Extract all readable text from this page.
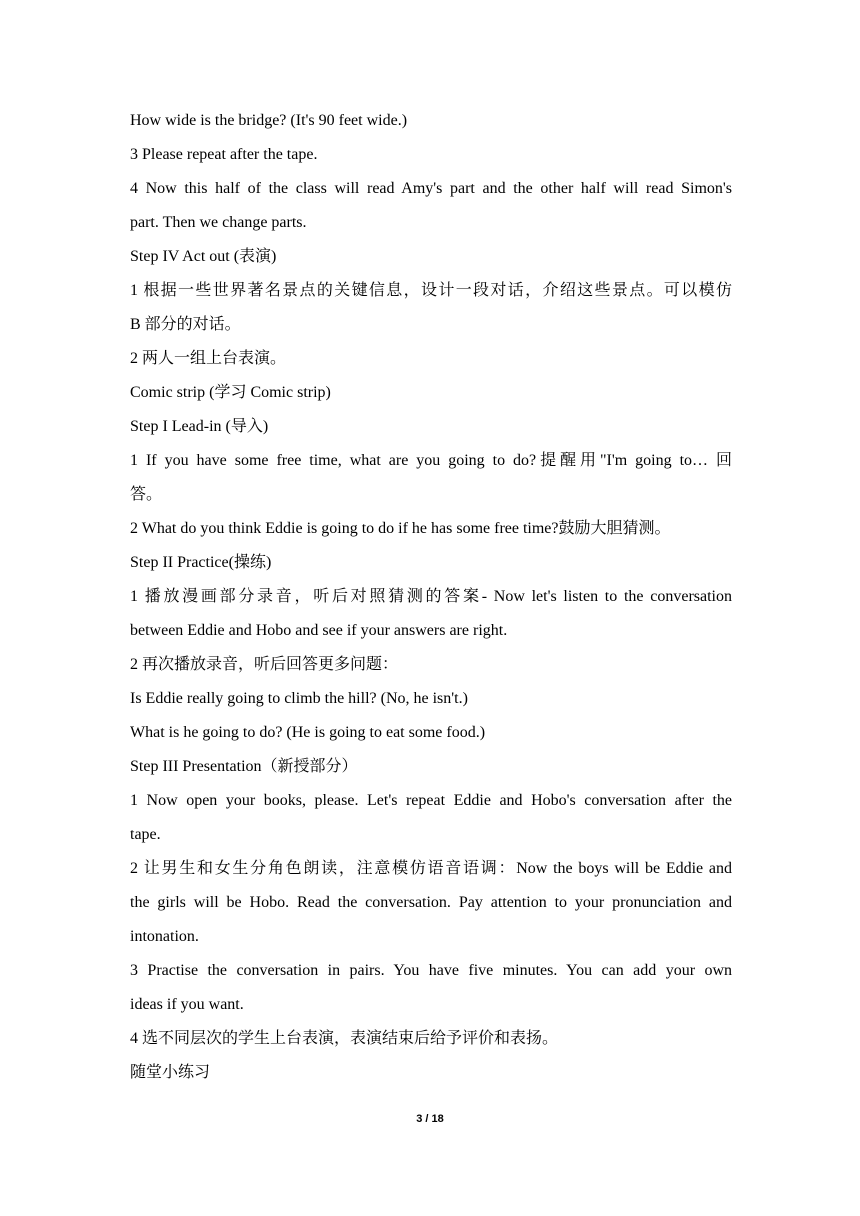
How wide is the bridge? (It's 90 feet wide.)
3 Please repeat after the tape.
4 Now this half of the class will read Amy's part and the other half will read Simon's
part. Then we change parts.
Step IV Act out (表演)
1 根据一些世界著名景点的关键信息，设计一段对话，介绍这些景点。可以模仿
B 部分的对话。
2 两人一组上台表演。
Comic strip (学习 Comic strip)
Step I Lead-in (导入)
1 If you have some free time, what are you going to do?提醒用"I'm going to… 回
答。
2 What do you think Eddie is going to do if he has some free time?鼓励大胆猜测。
Step II Practice(操练)
1 播放漫画部分录音，听后对照猜测的答案- Now let's listen to the conversation
between Eddie and Hobo and see if your answers are right.
2 再次播放录音，听后回答更多问题：
Is Eddie really going to climb the hill? (No, he isn't.)
What is he going to do? (He is going to eat some food.)
Step III Presentation（新授部分）
1 Now open your books, please. Let's repeat Eddie and Hobo's conversation after the
tape.
2 让男生和女生分角色朗读，注意模仿语音语调：Now the boys will be Eddie and
the girls will be Hobo. Read the conversation. Pay attention to your pronunciation and
intonation.
3 Practise the conversation in pairs. You have five minutes. You can add your own
ideas if you want.
4 选不同层次的学生上台表演，表演结束后给予评价和表扬。
随堂小练习
3 / 18
